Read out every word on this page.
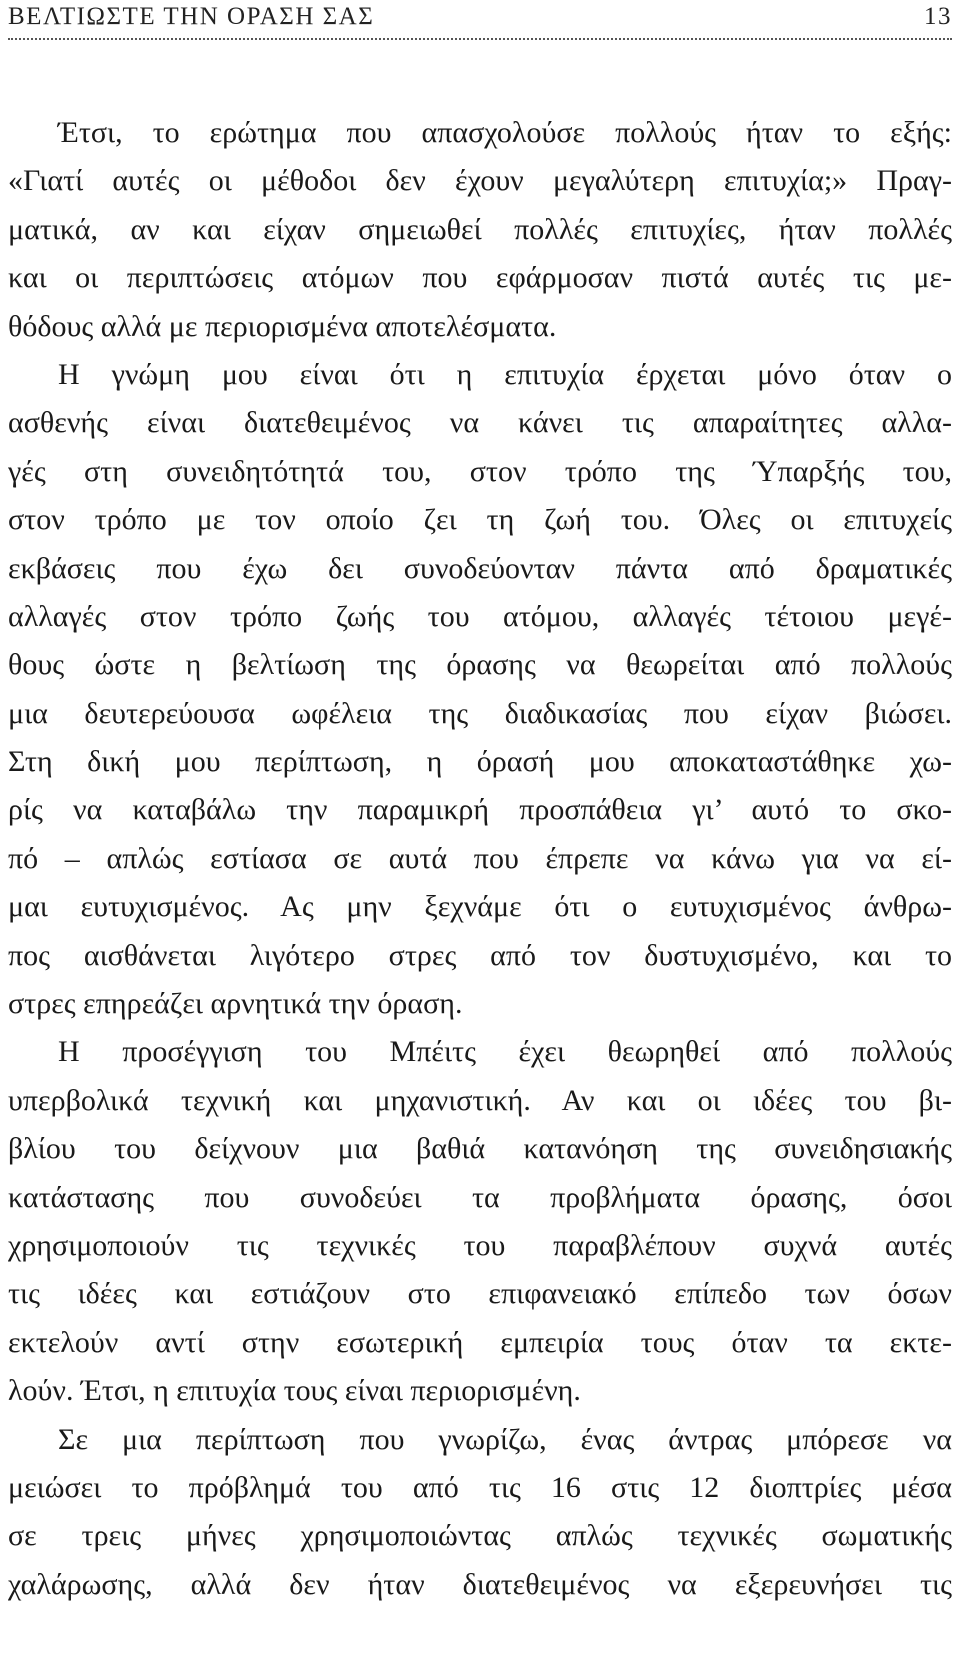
ΒΕΛΤΙΩΣΤΕ ΤΗΝ ΟΡΑΣΗ ΣΑΣ	13
Έτσι, το ερώτημα που απασχολούσε πολλούς ήταν το εξής:
«Γιατί αυτές οι μέθοδοι δεν έχουν μεγαλύτερη επιτυχία;» Πραγ-
ματικά, αν και είχαν σημειωθεί πολλές επιτυχίες, ήταν πολλές
και οι περιπτώσεις ατόμων που εφάρμοσαν πιστά αυτές τις με-
θόδους αλλά με περιορισμένα αποτελέσματα.
Η γνώμη μου είναι ότι η επιτυχία έρχεται μόνο όταν ο
ασθενής είναι διατεθειμένος να κάνει τις απαραίτητες αλλα-
γές στη συνειδητότητά του, στον τρόπο της Ύπαρξής του,
στον τρόπο με τον οποίο ζει τη ζωή του. Όλες οι επιτυχείς
εκβάσεις που έχω δει συνοδεύονταν πάντα από δραματικές
αλλαγές στον τρόπο ζωής του ατόμου, αλλαγές τέτοιου μεγέ-
θους ώστε η βελτίωση της όρασης να θεωρείται από πολλούς
μια δευτερεύουσα ωφέλεια της διαδικασίας που είχαν βιώσει.
Στη δική μου περίπτωση, η όρασή μου αποκαταστάθηκε χω-
ρίς να καταβάλω την παραμικρή προσπάθεια γι’ αυτό το σκο-
πό – απλώς εστίασα σε αυτά που έπρεπε να κάνω για να εί-
μαι ευτυχισμένος. Ας μην ξεχνάμε ότι ο ευτυχισμένος άνθρω-
πος αισθάνεται λιγότερο στρες από τον δυστυχισμένο, και το
στρες επηρεάζει αρνητικά την όραση.
Η προσέγγιση του Μπέιτς έχει θεωρηθεί από πολλούς
υπερβολικά τεχνική και μηχανιστική. Αν και οι ιδέες του βι-
βλίου του δείχνουν μια βαθιά κατανόηση της συνειδησιακής
κατάστασης που συνοδεύει τα προβλήματα όρασης, όσοι
χρησιμοποιούν τις τεχνικές του παραβλέπουν συχνά αυτές
τις ιδέες και εστιάζουν στο επιφανειακό επίπεδο των όσων
εκτελούν αντί στην εσωτερική εμπειρία τους όταν τα εκτε-
λούν. Έτσι, η επιτυχία τους είναι περιορισμένη.
Σε μια περίπτωση που γνωρίζω, ένας άντρας μπόρεσε να
μειώσει το πρόβλημά του από τις 16 στις 12 διοπτρίες μέσα
σε τρεις μήνες χρησιμοποιώντας απλώς τεχνικές σωματικής
χαλάρωσης, αλλά δεν ήταν διατεθειμένος να εξερευνήσει τις
